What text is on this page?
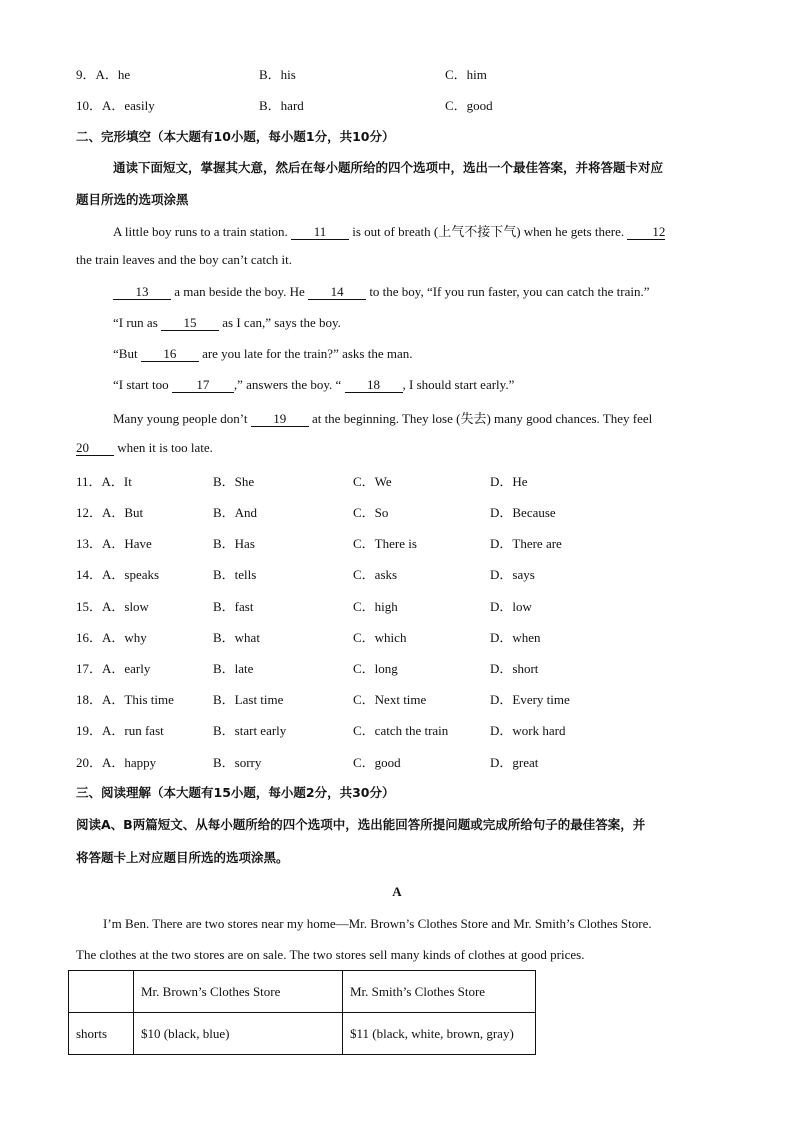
9．A．he	B．his	C．him
10．A．easily	B．hard	C．good
二、完形填空（本大题有10小题，每小题1分，共10分）
通读下面短文，掌握其大意，然后在每小题所给的四个选项中，选出一个最佳答案，并将答题卡对应
题目所选的选项涂黑
A little boy runs to a train station. 11 is out of breath (上气不接下气) when he gets there. 12
the train leaves and the boy can’t catch it.
13 a man beside the boy. He 14 to the boy, “If you run faster, you can catch the train.”
“I run as 15 as I can,” says the boy.
“But 16 are you late for the train?” asks the man.
“I start too 17 ,” answers the boy. “ 18 , I should start early.”
Many young people don’t 19 at the beginning. They lose (失去) many good chances. They feel
20 when it is too late.
11．A．It	B．She	C．We	D．He
12．A．But	B．And	C．So	D．Because
13．A．Have	B．Has	C．There is	D．There are
14．A．speaks	B．tells	C．asks	D．says
15．A．slow	B．fast	C．high	D．low
16．A．why	B．what	C．which	D．when
17．A．early	B．late	C．long	D．short
18．A．This time	B．Last time	C．Next time	D．Every time
19．A．run fast	B．start early	C．catch the train	D．work hard
20．A．happy	B．sorry	C．good	D．great
三、阅读理解（本大题有15小题，每小题2分，共30分）
阅读A、B两篇短文、从每小题所给的四个选项中，选出能回答所提问题或完成所给句子的最佳答案，并
将答题卡上对应题目所选的选项涂黑。
A
I’m Ben. There are two stores near my home—Mr. Brown’s Clothes Store and Mr. Smith’s Clothes Store.
The clothes at the two stores are on sale. The two stores sell many kinds of clothes at good prices.
	Mr. Brown’s Clothes Store	Mr. Smith’s Clothes Store
shorts	$10 (black, blue)	$11 (black, white, brown, gray)
